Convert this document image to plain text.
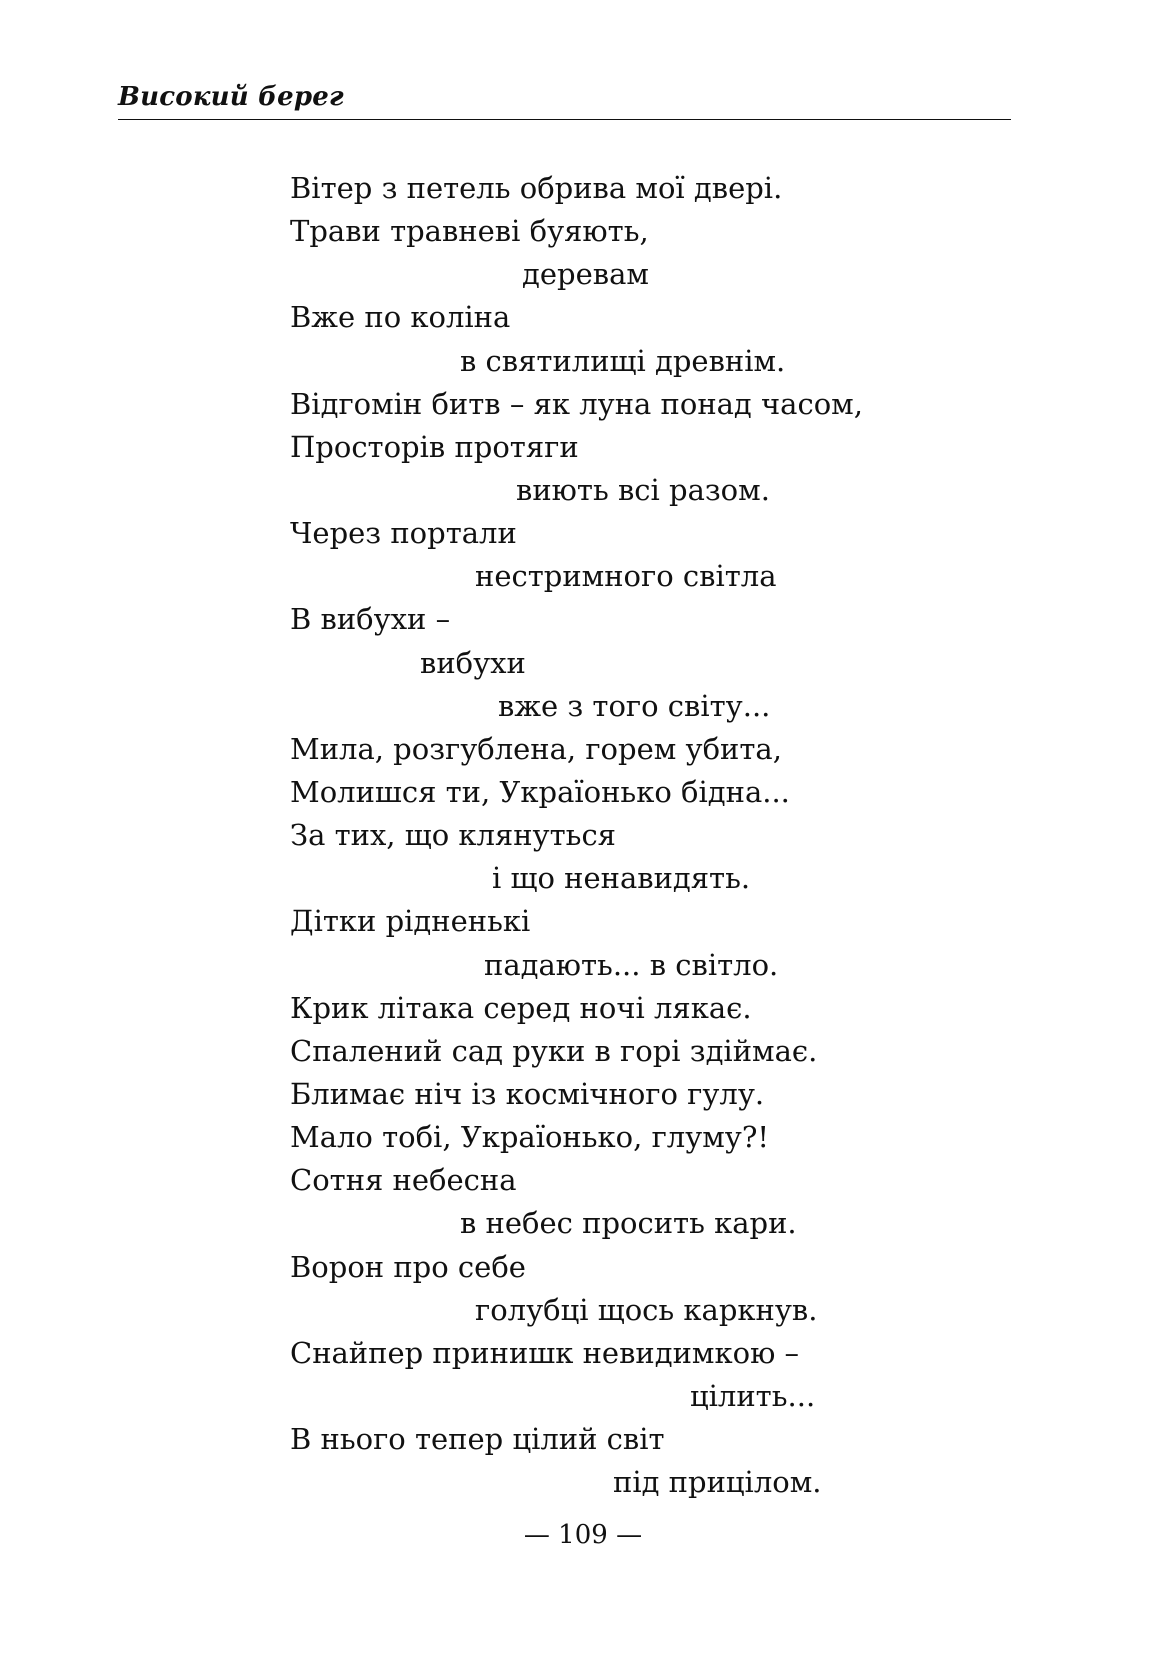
Високий берег
Вітер з петель обрива мої двері.
Трави травневі буяють,
деревам
Вже по коліна
в святилищі древнім.
Відгомін битв – як луна понад часом,
Просторів протяги
виють всі разом.
Через портали
нестримного світла
В вибухи –
вибухи
вже з того світу...
Мила, розгублена, горем убита,
Молишся ти, Україонько бідна...
За тих, що клянуться
і що ненавидять.
Дітки рідненькі
падають... в світло.
Крик літака серед ночі лякає.
Спалений сад руки в горі здіймає.
Блимає ніч із космічного гулу.
Мало тобі, Україонько, глуму?!
Сотня небесна
в небес просить кари.
Ворон про себе
голубці щось каркнув.
Снайпер принишк невидимкою –
цілить...
В нього тепер цілий світ
під прицілом.
— 109 —
